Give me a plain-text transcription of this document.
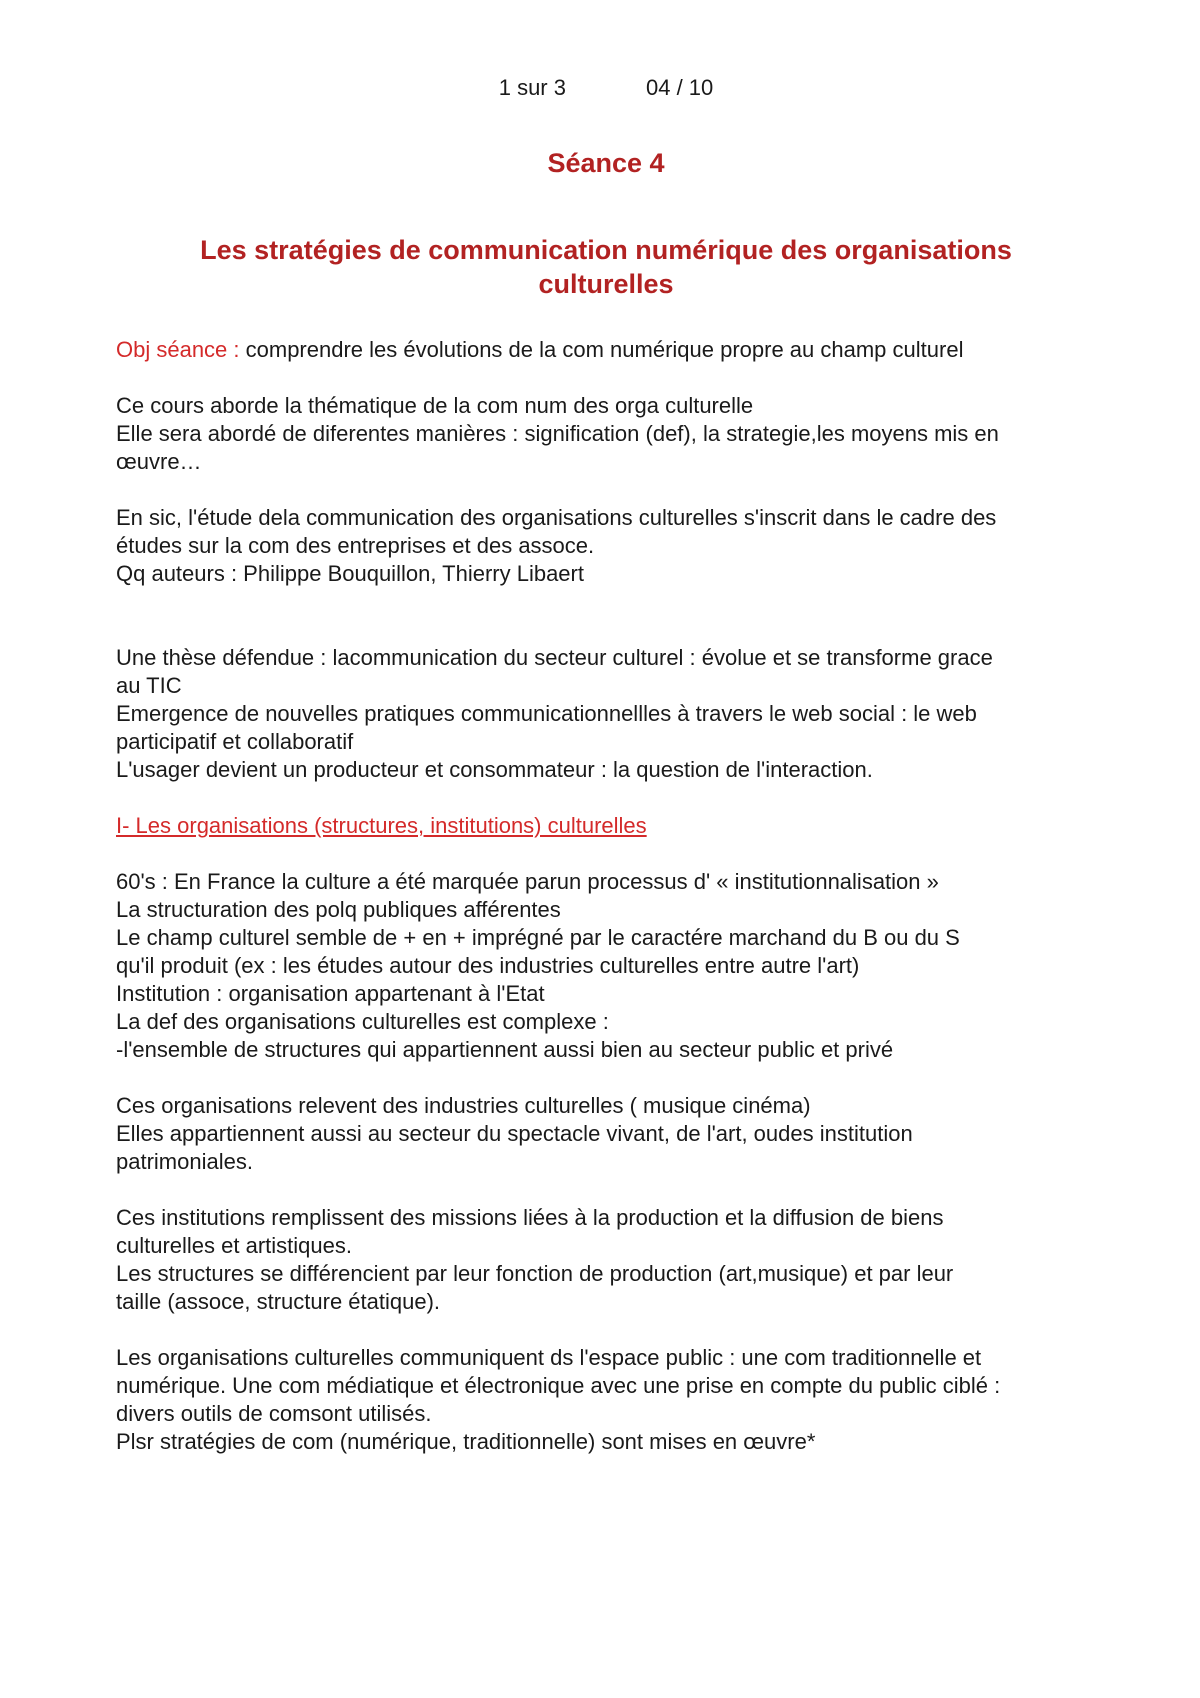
1 sur 3	04 / 10
Séance 4
Les stratégies de communication numérique des organisations
culturelles

Obj séance : comprendre les évolutions de la com numérique propre au champ culturel

Ce cours aborde la thématique de la com num des orga culturelle
Elle sera abordé de diferentes manières : signification (def), la strategie,les moyens mis en
œuvre…

En sic, l'étude dela communication des organisations culturelles s'inscrit dans le cadre des
études sur la com des entreprises et des assoce.
Qq auteurs : Philippe Bouquillon, Thierry Libaert

Une thèse défendue : lacommunication du secteur culturel : évolue et se transforme grace
au TIC
Emergence de nouvelles pratiques communicationnellles à travers le web social : le web
participatif et collaboratif
L'usager devient un producteur et consommateur : la question de l'interaction.

I- Les organisations (structures, institutions) culturelles

60's : En France la culture a été marquée parun processus d' « institutionnalisation »
La structuration des polq publiques afférentes
Le champ culturel semble de + en + imprégné par le caractére marchand du B ou du S
qu'il produit (ex : les études autour des industries culturelles entre autre l'art)
Institution : organisation appartenant à l'Etat
La def des organisations culturelles est complexe :
-l'ensemble de structures qui appartiennent aussi bien au secteur public et privé

Ces organisations relevent des industries culturelles ( musique cinéma)
Elles appartiennent aussi au secteur du spectacle vivant, de l'art, oudes institution
patrimoniales.

Ces institutions remplissent des missions liées à la production et la diffusion de biens
culturelles et artistiques.
Les structures se différencient par leur fonction de production (art,musique) et par leur
taille (assoce, structure étatique).

Les organisations culturelles communiquent ds l'espace public : une com traditionnelle et
numérique. Une com médiatique et électronique avec une prise en compte du public ciblé :
divers outils de comsont utilisés.
Plsr stratégies de com (numérique, traditionnelle) sont mises en œuvre*
